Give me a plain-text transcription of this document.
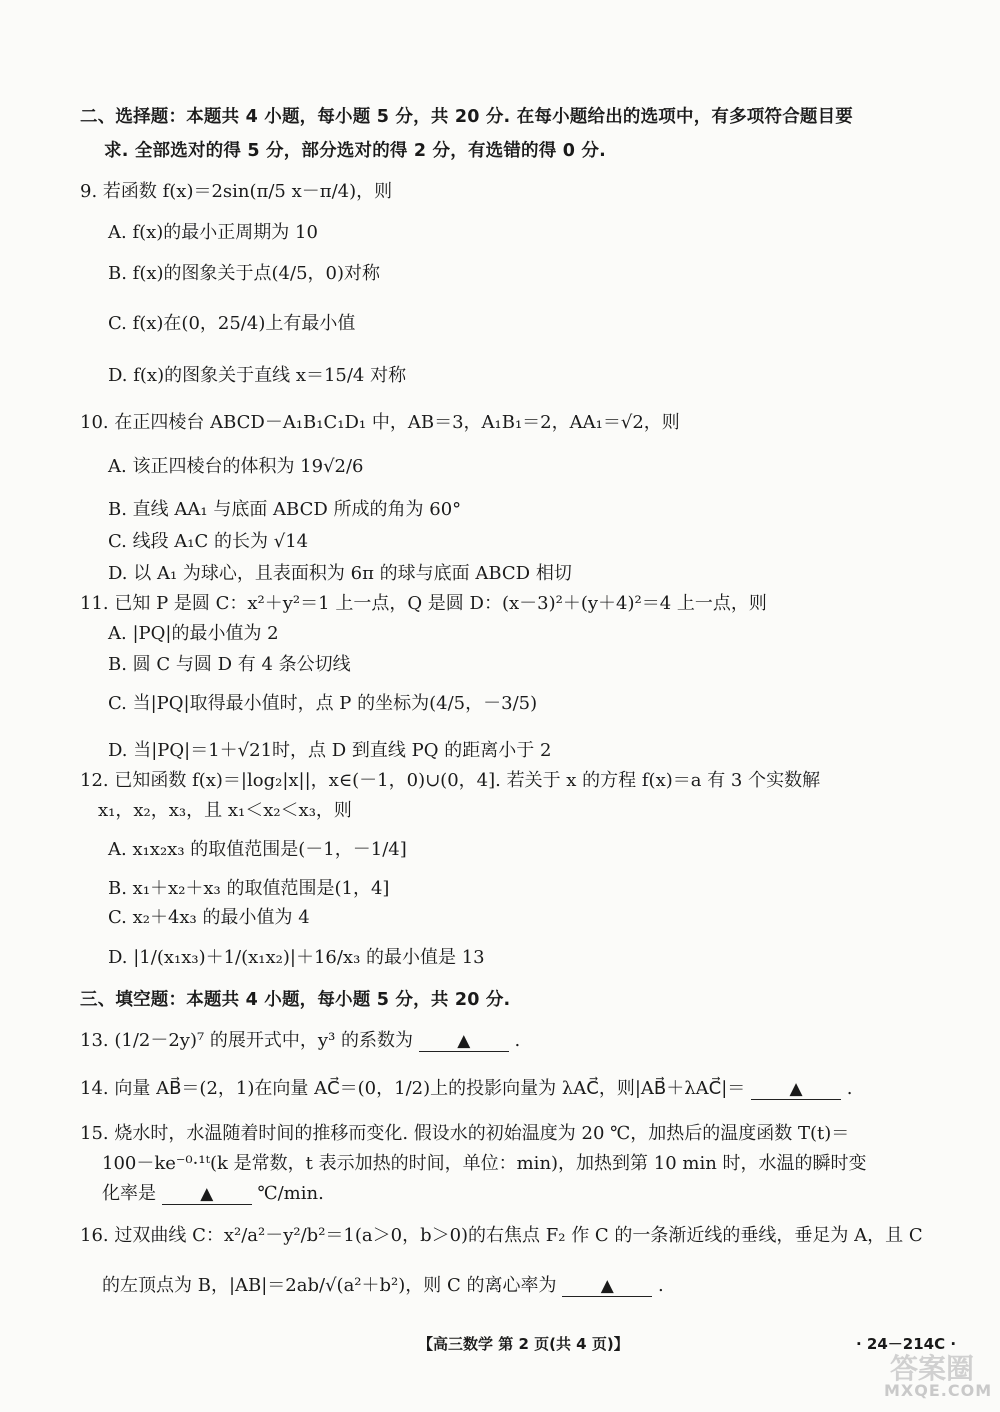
二、选择题：本题共 4 小题，每小题 5 分，共 20 分. 在每小题给出的选项中，有多项符合题目要
求. 全部选对的得 5 分，部分选对的得 2 分，有选错的得 0 分.
9. 若函数 f(x)＝2sin(π/5 x－π/4)，则
A. f(x)的最小正周期为 10
B. f(x)的图象关于点(4/5，0)对称
C. f(x)在(0，25/4)上有最小值
D. f(x)的图象关于直线 x＝15/4 对称
10. 在正四棱台 ABCD－A₁B₁C₁D₁ 中，AB＝3，A₁B₁＝2，AA₁＝√2，则
A. 该正四棱台的体积为 19√2/6
B. 直线 AA₁ 与底面 ABCD 所成的角为 60°
C. 线段 A₁C 的长为 √14
D. 以 A₁ 为球心，且表面积为 6π 的球与底面 ABCD 相切
11. 已知 P 是圆 C：x²＋y²＝1 上一点，Q 是圆 D：(x－3)²＋(y＋4)²＝4 上一点，则
A. |PQ|的最小值为 2
B. 圆 C 与圆 D 有 4 条公切线
C. 当|PQ|取得最小值时，点 P 的坐标为(4/5，－3/5)
D. 当|PQ|＝1＋√21时，点 D 到直线 PQ 的距离小于 2
12. 已知函数 f(x)＝|log₂|x||，x∈(－1，0)∪(0，4]. 若关于 x 的方程 f(x)＝a 有 3 个实数解
x₁，x₂，x₃，且 x₁＜x₂＜x₃，则
A. x₁x₂x₃ 的取值范围是(－1，－1/4]
B. x₁＋x₂＋x₃ 的取值范围是(1，4]
C. x₂＋4x₃ 的最小值为 4
D. |1/(x₁x₃)＋1/(x₁x₂)|＋16/x₃ 的最小值是 13
三、填空题：本题共 4 小题，每小题 5 分，共 20 分.
13. (1/2－2y)⁷ 的展开式中，y³ 的系数为	▲ .
14. 向量 AB⃗＝(2，1)在向量 AC⃗＝(0，1/2)上的投影向量为 λAC⃗，则|AB⃗＋λAC⃗|＝	▲ .
15. 烧水时，水温随着时间的推移而变化. 假设水的初始温度为 20 ℃，加热后的温度函数 T(t)＝
100－ke⁻⁰·¹ᵗ(k 是常数，t 表示加热的时间，单位：min)，加热到第 10 min 时，水温的瞬时变
化率是	▲ ℃/min.
16. 过双曲线 C：x²/a²－y²/b²＝1(a＞0，b＞0)的右焦点 F₂ 作 C 的一条渐近线的垂线，垂足为 A，且 C
的左顶点为 B，|AB|＝2ab/√(a²＋b²)，则 C 的离心率为	▲ .
【高三数学 第 2 页(共 4 页)】	· 24－214C ·
答案圈
MXQE.COM
